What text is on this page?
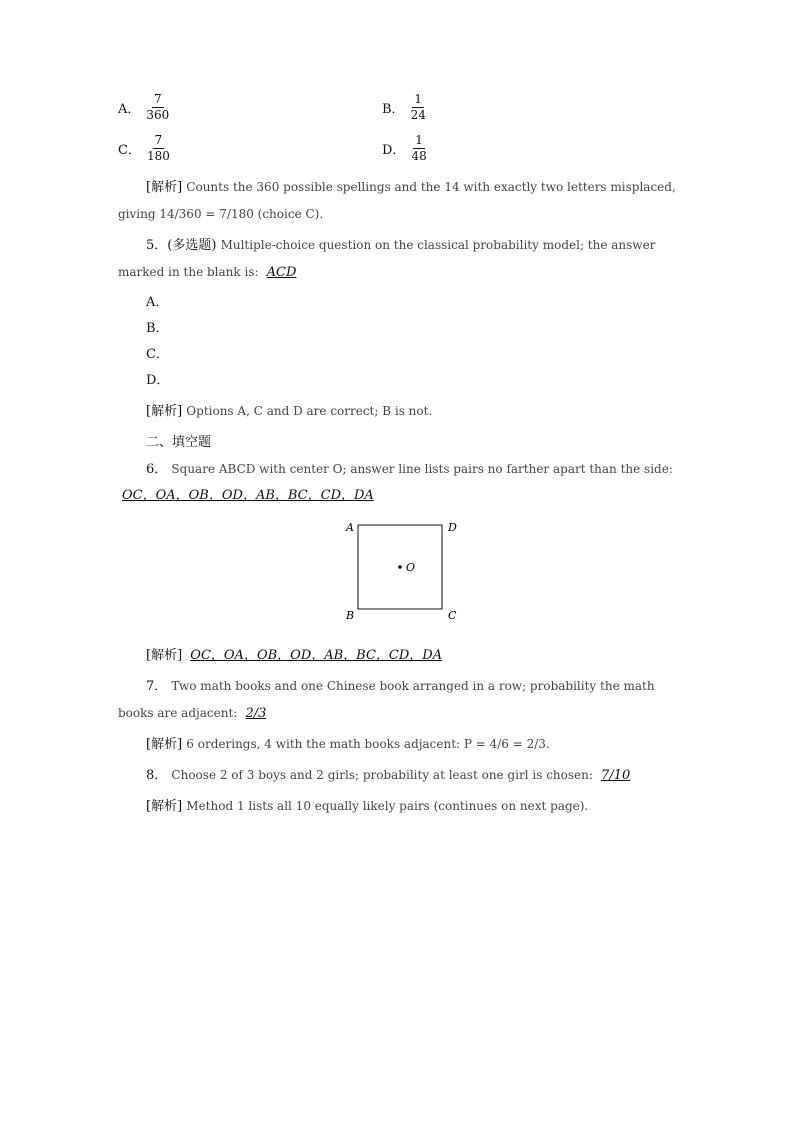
A． $\frac{7}{360}$	B． $\frac{1}{24}$
C． $\frac{7}{180}$	D． $\frac{1}{48}$

[解析] Counts the 360 possible spellings and the 14 with exactly two letters misplaced, giving 14/360 = 7/180 (choice C).

5．(多选题) Multiple-choice question on the classical probability model; the answer marked in the blank is: ACD

A．
B．
C．
D．

[解析] Options A, C and D are correct; B is not.

二、填空题

6． Square ABCD with center O; answer line lists pairs no farther apart than the side: OC，OA，OB，OD，AB，BC，CD，DA

A	D
B	C
O

[解析] OC，OA，OB，OD，AB，BC，CD，DA

7． Two math books and one Chinese book arranged in a row; probability the math books are adjacent: 2/3

[解析] 6 orderings, 4 with the math books adjacent: P = 4/6 = 2/3.

8． Choose 2 of 3 boys and 2 girls; probability at least one girl is chosen: 7/10

[解析] Method 1 lists all 10 equally likely pairs (continues on next page).
